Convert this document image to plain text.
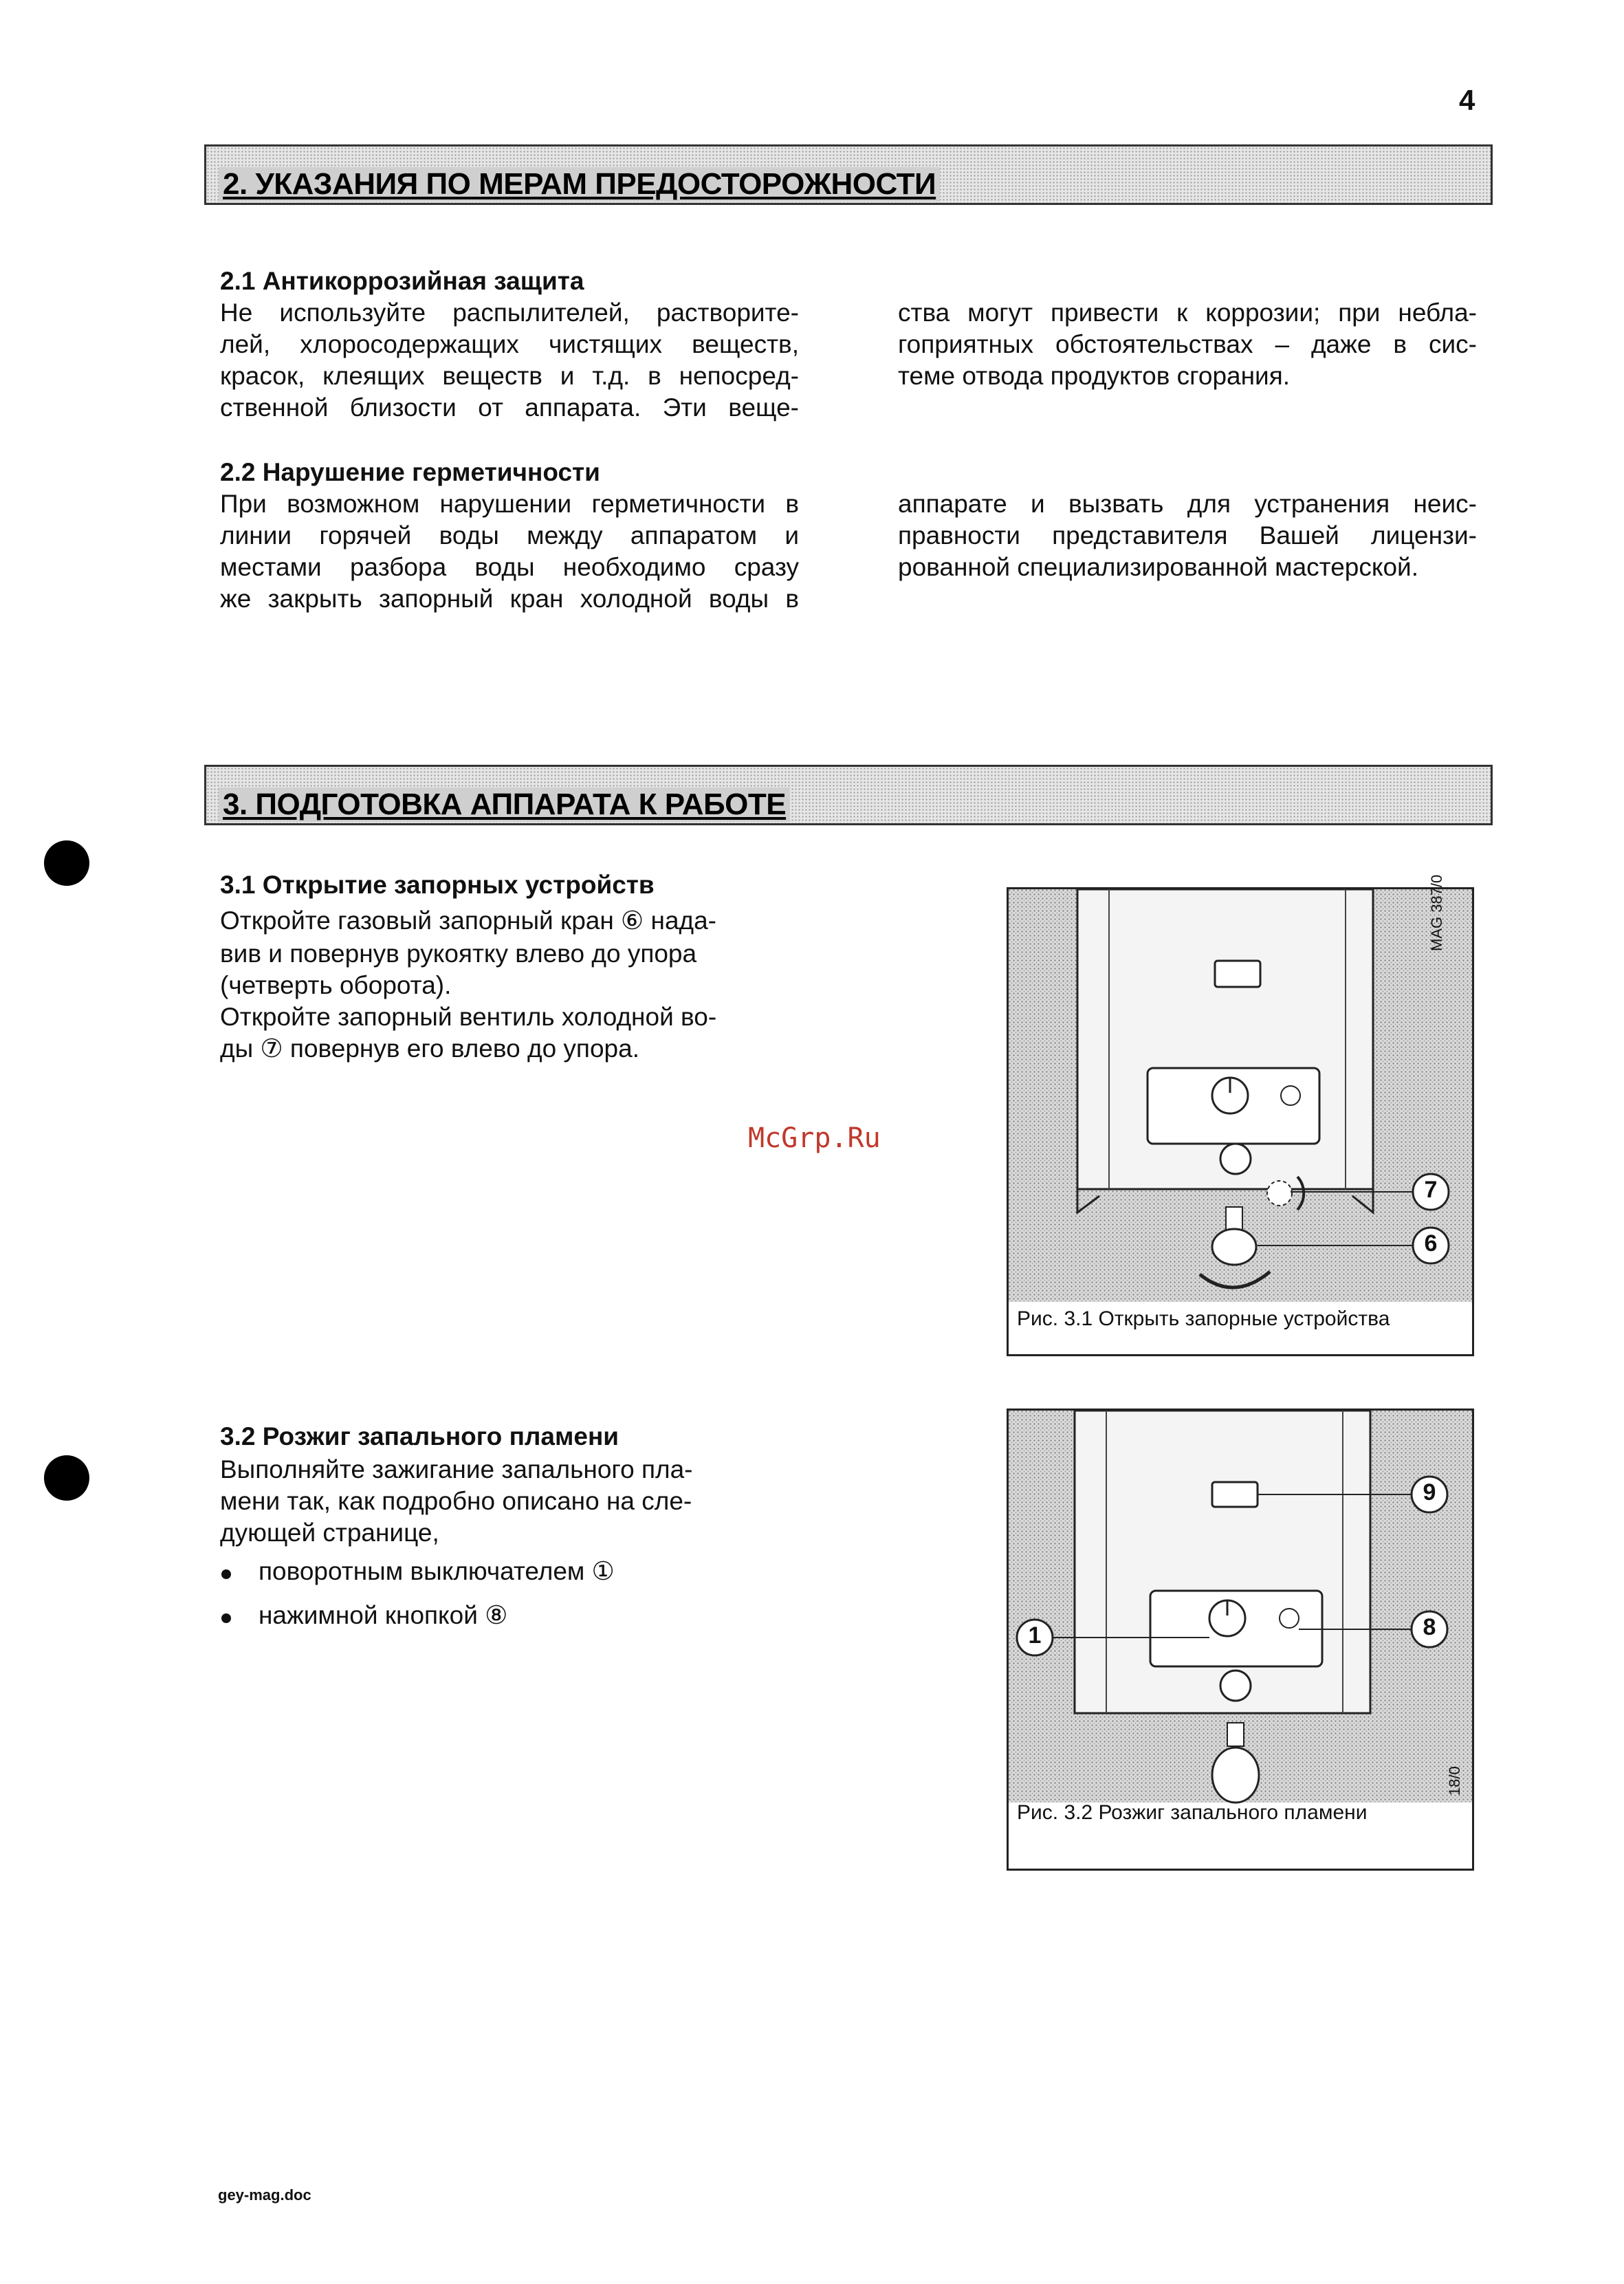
4
2. УКАЗАНИЯ ПО МЕРАМ ПРЕДОСТОРОЖНОСТИ
2.1 Антикоррозийная защита
Не используйте распылителей, растворите-
лей, хлоросодержащих чистящих веществ,
красок, клеящих веществ и т.д. в непосред-
ственной близости от аппарата. Эти веще-
ства могут привести к коррозии; при небла-
гоприятных обстоятельствах – даже в сис-
теме отвода продуктов сгорания.
2.2 Нарушение герметичности
При возможном нарушении герметичности в
линии горячей воды между аппаратом и
местами разбора воды необходимо сразу
же закрыть запорный кран холодной воды в
аппарате и вызвать для устранения неис-
правности представителя Вашей лицензи-
рованной специализированной мастерской.
3. ПОДГОТОВКА АППАРАТА К РАБОТЕ
3.1 Открытие запорных устройств
Откройте газовый запорный кран ⑥ нада-
вив и повернув рукоятку влево до упора
(четверть оборота).
Откройте запорный вентиль холодной во-
ды ⑦ повернув его влево до упора.
3.2 Розжиг запального пламени
Выполняйте зажигание запального пла-
мени так, как подробно описано на сле-
дующей странице,
поворотным выключателем ①
нажимной кнопкой ⑧
7
6
MAG 387/0
Рис. 3.1 Открыть запорные устройства
9
1	8
18/0
Рис. 3.2 Розжиг запального пламени
McGrp.Ru
gey-mag.doc
